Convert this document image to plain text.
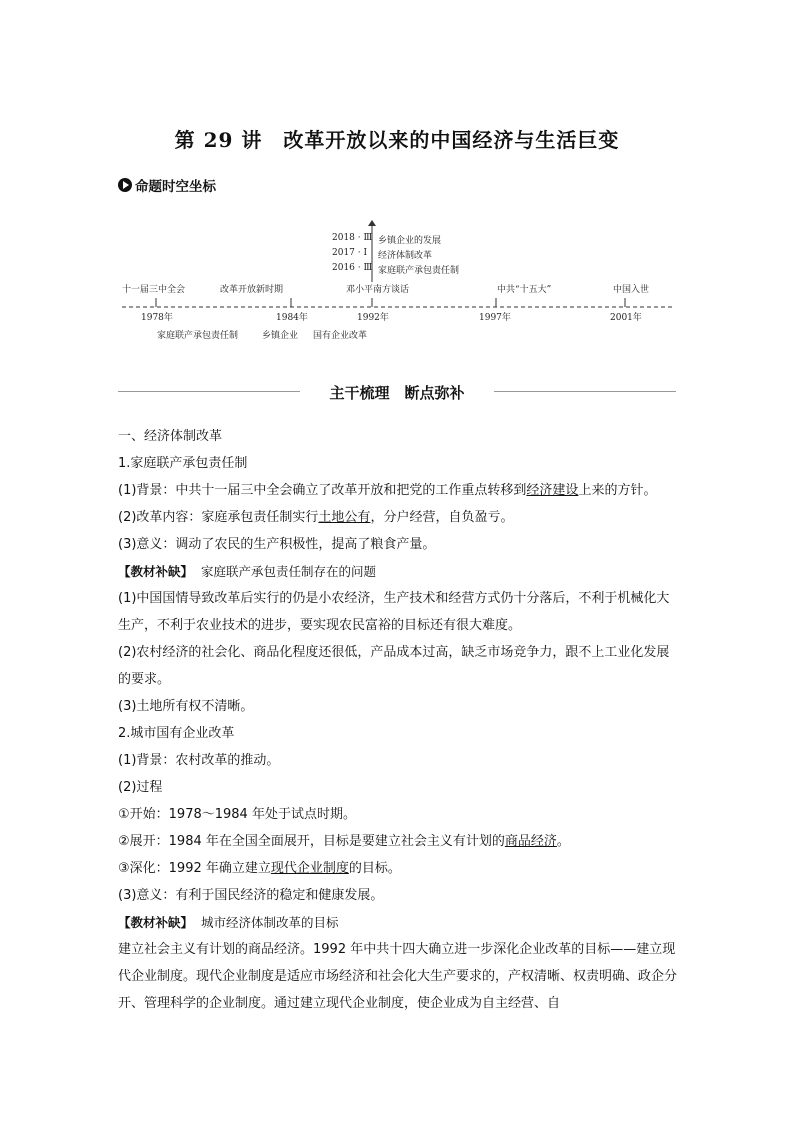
第 29 讲　改革开放以来的中国经济与生活巨变
命题时空坐标
2018 · Ⅲ 乡镇企业的发展
2017 · Ⅰ 经济体制改革
2016 · Ⅲ 家庭联产承包责任制
十一届三中全会	改革开放新时期	邓小平南方谈话	中共“十五大”	中国入世
1978年	1984年	1992年	1997年	2001年
家庭联产承包责任制	乡镇企业 国有企业改革
主干梳理　断点弥补
一、经济体制改革
1.家庭联产承包责任制
(1)背景：中共十一届三中全会确立了改革开放和把党的工作重点转移到经济建设上来的方针。
(2)改革内容：家庭承包责任制实行土地公有，分户经营，自负盈亏。
(3)意义：调动了农民的生产积极性，提高了粮食产量。
【教材补缺】 家庭联产承包责任制存在的问题
(1)中国国情导致改革后实行的仍是小农经济，生产技术和经营方式仍十分落后，不利于机械化大生产，不利于农业技术的进步，要实现农民富裕的目标还有很大难度。
(2)农村经济的社会化、商品化程度还很低，产品成本过高，缺乏市场竞争力，跟不上工业化发展的要求。
(3)土地所有权不清晰。
2.城市国有企业改革
(1)背景：农村改革的推动。
(2)过程
①开始：1978～1984 年处于试点时期。
②展开：1984 年在全国全面展开，目标是要建立社会主义有计划的商品经济。
③深化：1992 年确立建立现代企业制度的目标。
(3)意义：有利于国民经济的稳定和健康发展。
【教材补缺】 城市经济体制改革的目标
建立社会主义有计划的商品经济。1992 年中共十四大确立进一步深化企业改革的目标——建立现代企业制度。现代企业制度是适应市场经济和社会化大生产要求的，产权清晰、权责明确、政企分开、管理科学的企业制度。通过建立现代企业制度，使企业成为自主经营、自
